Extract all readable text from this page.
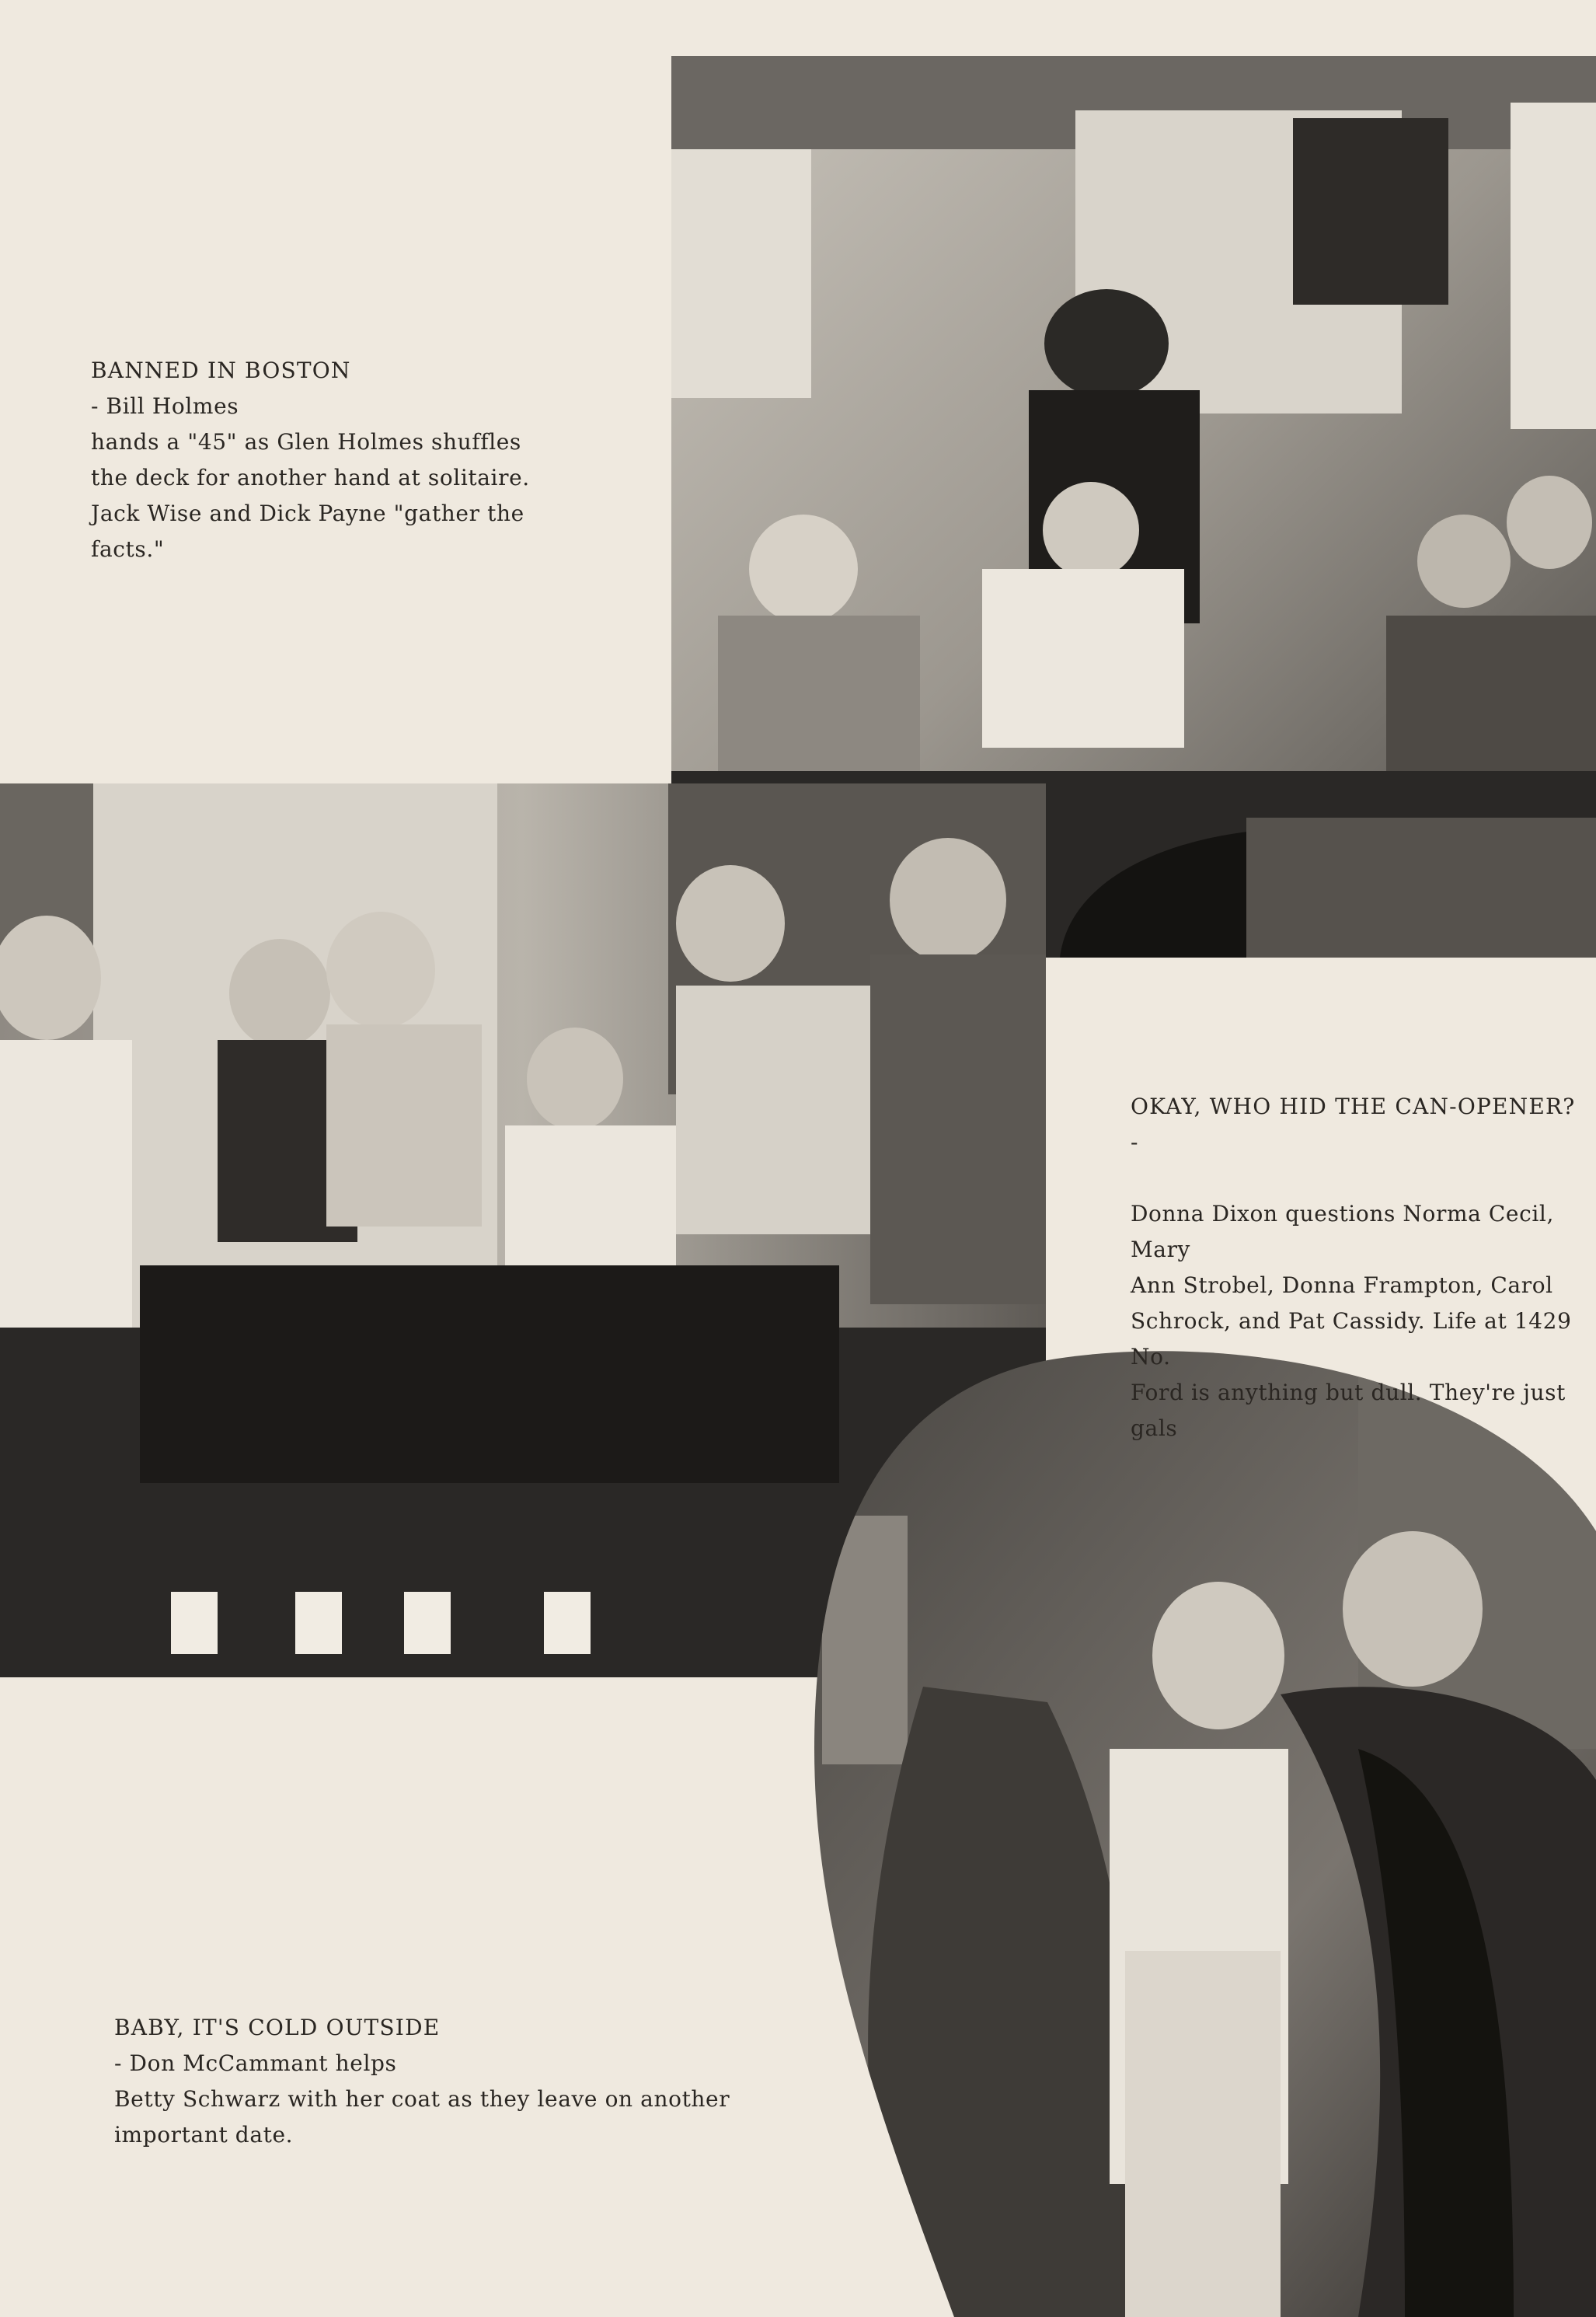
BANNED IN BOSTON
- Bill Holmes
hands a "45" as Glen Holmes shuffles
the deck for another hand at solitaire.
Jack Wise and Dick Payne "gather the
facts."

OKAY, WHO HID THE CAN-OPENER? -

Donna Dixon questions Norma Cecil, Mary
Ann Strobel, Donna Frampton, Carol
Schrock, and Pat Cassidy. Life at 1429 No.
Ford is anything but dull. They're just gals

BABY, IT'S COLD OUTSIDE
- Don McCammant helps
Betty Schwarz with her coat as they leave on another
important date.
